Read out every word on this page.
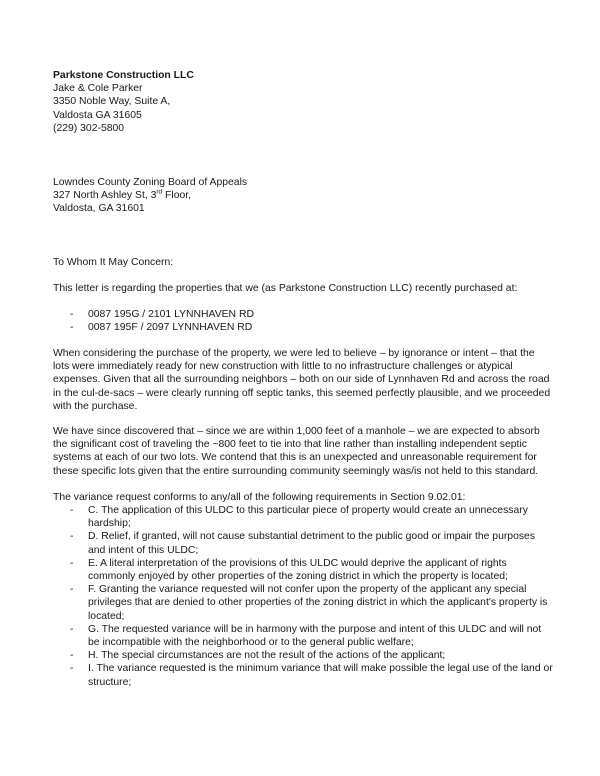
Parkstone Construction LLC
Jake & Cole Parker
3350 Noble Way, Suite A,
Valdosta GA 31605
(229) 302-5800
Lowndes County Zoning Board of Appeals
327 North Ashley St, 3rd Floor,
Valdosta, GA 31601
To Whom It May Concern:
This letter is regarding the properties that we (as Parkstone Construction LLC) recently purchased at:
- 0087 195G / 2101 LYNNHAVEN RD
- 0087 195F / 2097 LYNNHAVEN RD

When considering the purchase of the property, we were led to believe – by ignorance or intent – that the lots were immediately ready for new construction with little to no infrastructure challenges or atypical expenses. Given that all the surrounding neighbors – both on our side of Lynnhaven Rd and across the road in the cul-de-sacs – were clearly running off septic tanks, this seemed perfectly plausible, and we proceeded with the purchase.

We have since discovered that – since we are within 1,000 feet of a manhole – we are expected to absorb the significant cost of traveling the ~800 feet to tie into that line rather than installing independent septic systems at each of our two lots. We contend that this is an unexpected and unreasonable requirement for these specific lots given that the entire surrounding community seemingly was/is not held to this standard.

The variance request conforms to any/all of the following requirements in Section 9.02.01:
- C. The application of this ULDC to this particular piece of property would create an unnecessary hardship;
- D. Relief, if granted, will not cause substantial detriment to the public good or impair the purposes and intent of this ULDC;
- E. A literal interpretation of the provisions of this ULDC would deprive the applicant of rights commonly enjoyed by other properties of the zoning district in which the property is located;
- F. Granting the variance requested will not confer upon the property of the applicant any special privileges that are denied to other properties of the zoning district in which the applicant's property is located;
- G. The requested variance will be in harmony with the purpose and intent of this ULDC and will not be incompatible with the neighborhood or to the general public welfare;
- H. The special circumstances are not the result of the actions of the applicant;
- I. The variance requested is the minimum variance that will make possible the legal use of the land or structure;
